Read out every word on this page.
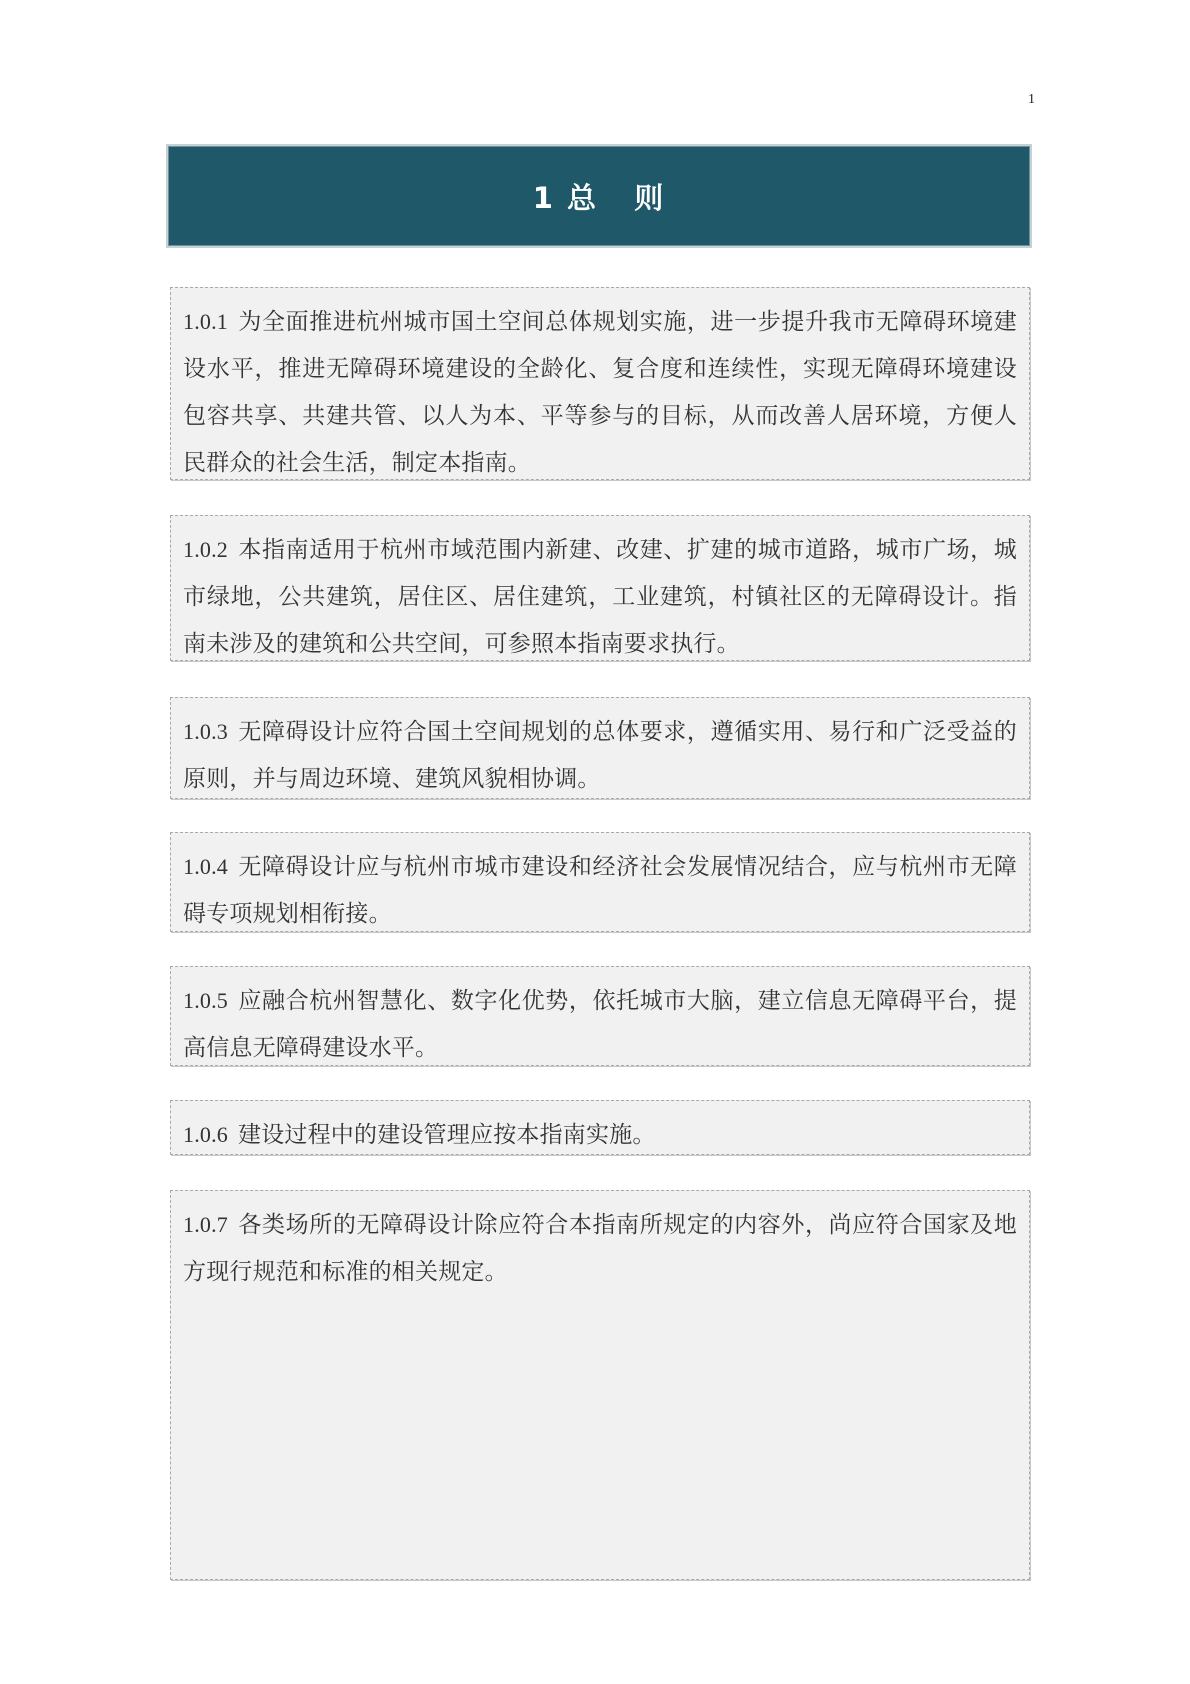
1
1 总   则

1.0.1 为全面推进杭州城市国土空间总体规划实施，进一步提升我市无障碍环境建设水平，推进无障碍环境建设的全龄化、复合度和连续性，实现无障碍环境建设包容共享、共建共管、以人为本、平等参与的目标，从而改善人居环境，方便人民群众的社会生活，制定本指南。

1.0.2 本指南适用于杭州市域范围内新建、改建、扩建的城市道路，城市广场，城市绿地，公共建筑，居住区、居住建筑，工业建筑，村镇社区的无障碍设计。指南未涉及的建筑和公共空间，可参照本指南要求执行。

1.0.3 无障碍设计应符合国土空间规划的总体要求，遵循实用、易行和广泛受益的原则，并与周边环境、建筑风貌相协调。

1.0.4 无障碍设计应与杭州市城市建设和经济社会发展情况结合，应与杭州市无障碍专项规划相衔接。

1.0.5 应融合杭州智慧化、数字化优势，依托城市大脑，建立信息无障碍平台，提高信息无障碍建设水平。

1.0.6 建设过程中的建设管理应按本指南实施。

1.0.7 各类场所的无障碍设计除应符合本指南所规定的内容外，尚应符合国家及地方现行规范和标准的相关规定。
